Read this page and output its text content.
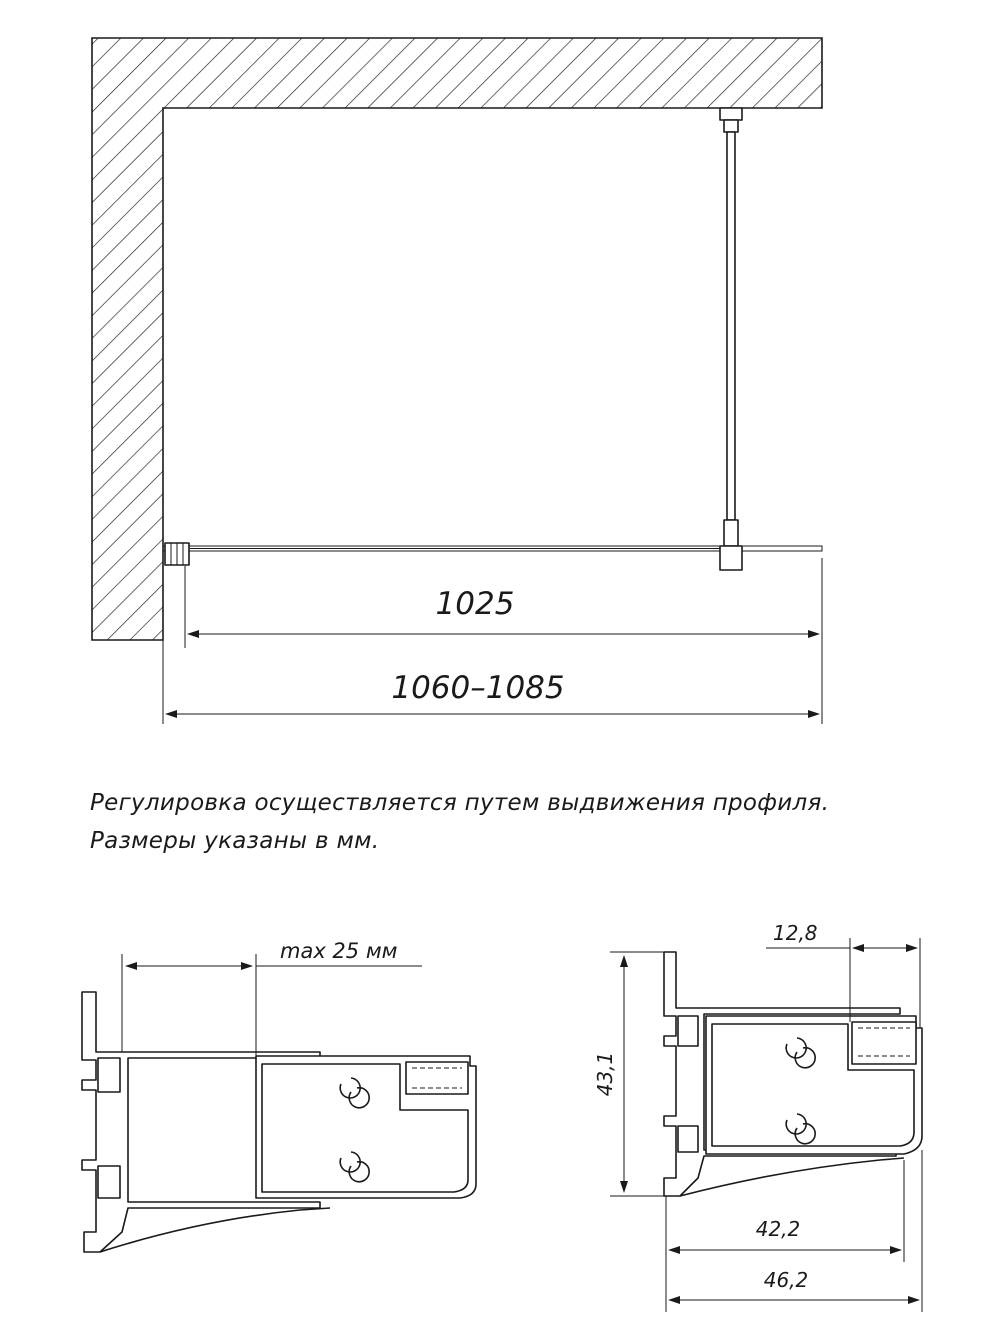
1025
1060–1085
max 25 мм
43,1
12,8
42,2
46,2
Регулировка осуществляется путем выдвижения профиля.
Размеры указаны в мм.
